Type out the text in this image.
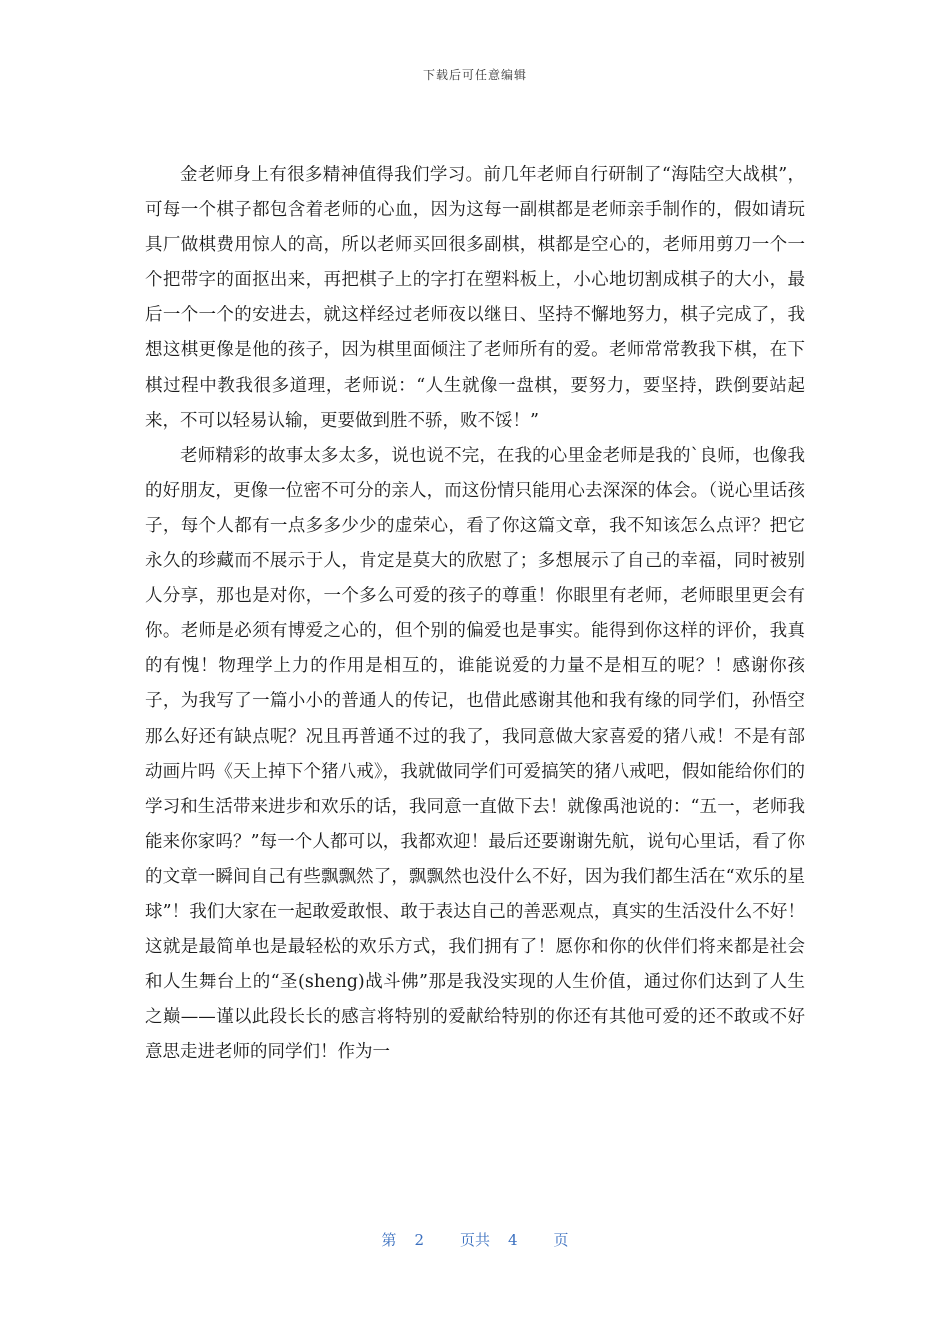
下载后可任意编辑

金老师身上有很多精神值得我们学习。前几年老师自行研制了“海陆空大战棋”，可每一个棋子都包含着老师的心血，因为这每一副棋都是老师亲手制作的，假如请玩具厂做棋费用惊人的高，所以老师买回很多副棋，棋都是空心的，老师用剪刀一个一个把带字的面抠出来，再把棋子上的字打在塑料板上，小心地切割成棋子的大小，最后一个一个的安进去，就这样经过老师夜以继日、坚持不懈地努力，棋子完成了，我想这棋更像是他的孩子，因为棋里面倾注了老师所有的爱。老师常常教我下棋，在下棋过程中教我很多道理，老师说：“人生就像一盘棋，要努力，要坚持，跌倒要站起来，不可以轻易认输，更要做到胜不骄，败不馁！”

老师精彩的故事太多太多，说也说不完，在我的心里金老师是我的`良师，也像我的好朋友，更像一位密不可分的亲人，而这份情只能用心去深深的体会。（说心里话孩子，每个人都有一点多多少少的虚荣心，看了你这篇文章，我不知该怎么点评？把它永久的珍藏而不展示于人，肯定是莫大的欣慰了；多想展示了自己的幸福，同时被别人分享，那也是对你，一个多么可爱的孩子的尊重！你眼里有老师，老师眼里更会有你。老师是必须有博爱之心的，但个别的偏爱也是事实。能得到你这样的评价，我真的有愧！物理学上力的作用是相互的，谁能说爱的力量不是相互的呢？！感谢你孩子，为我写了一篇小小的普通人的传记，也借此感谢其他和我有缘的同学们，孙悟空那么好还有缺点呢？况且再普通不过的我了，我同意做大家喜爱的猪八戒！不是有部动画片吗《天上掉下个猪八戒》，我就做同学们可爱搞笑的猪八戒吧，假如能给你们的学习和生活带来进步和欢乐的话，我同意一直做下去！就像禹池说的：“五一，老师我能来你家吗？”每一个人都可以，我都欢迎！最后还要谢谢先航，说句心里话，看了你的文章一瞬间自己有些飘飘然了，飘飘然也没什么不好，因为我们都生活在“欢乐的星球”！我们大家在一起敢爱敢恨、敢于表达自己的善恶观点，真实的生活没什么不好！这就是最简单也是最轻松的欢乐方式，我们拥有了！愿你和你的伙伴们将来都是社会和人生舞台上的“圣(sheng)战斗佛”那是我没实现的人生价值，通过你们达到了人生之巅——谨以此段长长的感言将特别的爱献给特别的你还有其他可爱的还不敢或不好意思走进老师的同学们！作为一

第 2 页共 4 页
